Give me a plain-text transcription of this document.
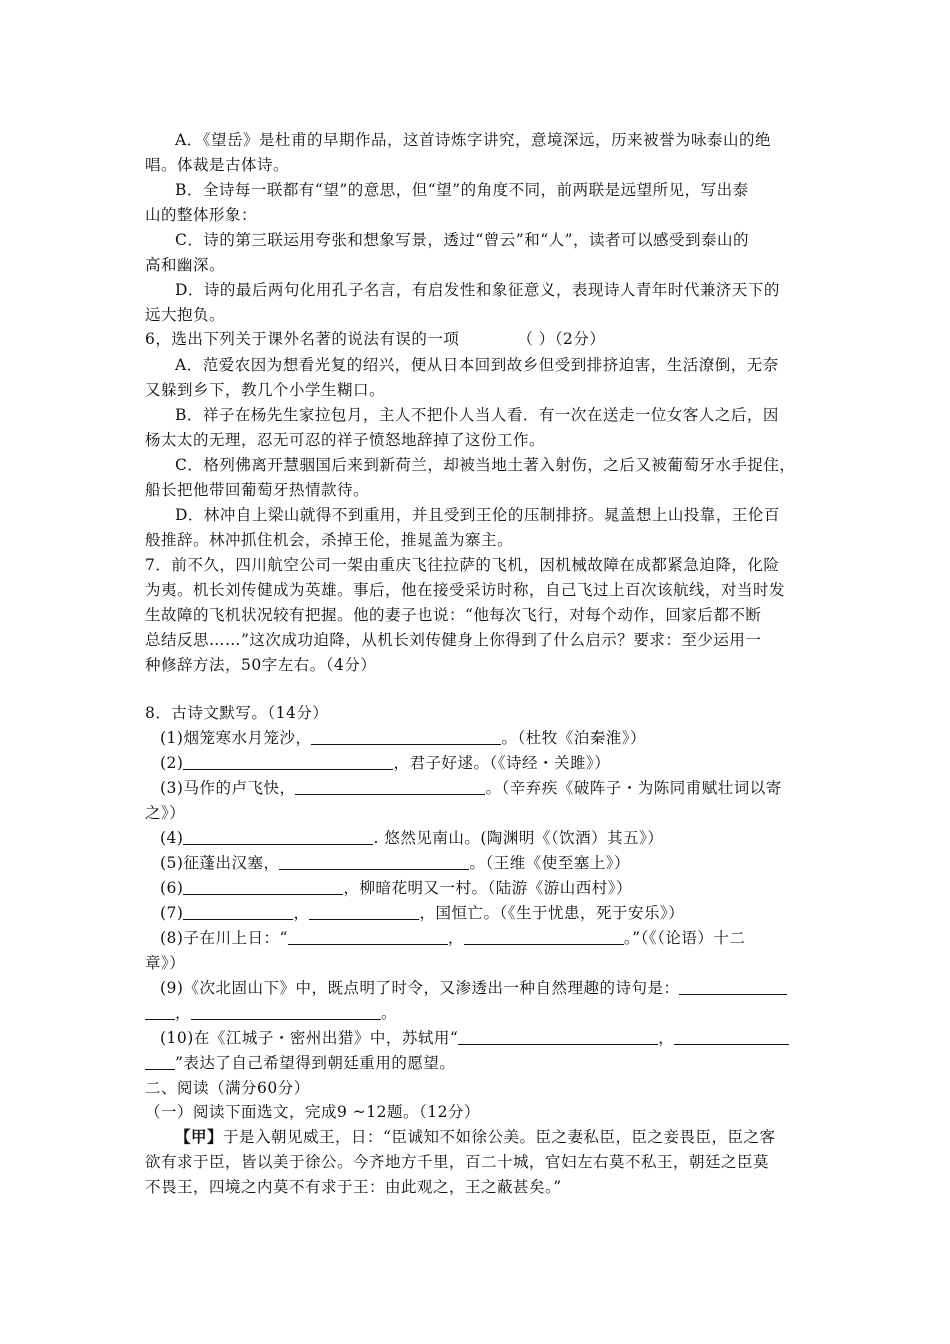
A．《望岳》是杜甫的早期作品，这首诗炼字讲究，意境深远，历来被誉为咏泰山的绝
唱。体裁是古体诗。
B．全诗每一联都有“望”的意思，但“望”的角度不同，前两联是远望所见，写出泰
山的整体形象：
C．诗的第三联运用夸张和想象写景，透过“曾云”和“人”，读者可以感受到泰山的
高和幽深。
D．诗的最后两句化用孔子名言，有启发性和象征意义，表现诗人青年时代兼济天下的
远大抱负。
6，选出下列关于课外名著的说法有误的一项	（ ）（2分）
A．范爱农因为想看光复的绍兴，便从日本回到故乡但受到排挤迫害，生活潦倒，无奈
又躲到乡下，教几个小学生糊口。
B．祥子在杨先生家拉包月，主人不把仆人当人看．有一次在送走一位女客人之后，因
杨太太的无理，忍无可忍的祥子愤怒地辞掉了这份工作。
C．格列佛离开慧骃国后来到新荷兰，却被当地土著入射伤，之后又被葡萄牙水手捉住，
船长把他带回葡萄牙热情款待。
D．林冲自上梁山就得不到重用，并且受到王伦的压制排挤。晁盖想上山投靠，王伦百
般推辞。林冲抓住机会，杀掉王伦，推晁盖为寨主。
7．前不久，四川航空公司一架由重庆飞往拉萨的飞机，因机械故障在成都紧急迫降，化险
为夷。机长刘传健成为英雄。事后，他在接受采访时称，自己飞过上百次该航线，对当时发
生故障的飞机状况较有把握。他的妻子也说：“他每次飞行，对每个动作，回家后都不断
总结反思……”这次成功迫降，从机长刘传健身上你得到了什么启示？要求：至少运用一
种修辞方法，50字左右。（4分）
8．古诗文默写。（14分）
(1)烟笼寒水月笼沙，	。（杜牧《泊秦淮》）
(2)	，君子好逑。（《诗经・关雎》）
(3)马作的卢飞快，	。（辛弃疾《破阵子・为陈同甫赋壮词以寄
之》）
(4)	. 悠然见南山。(陶渊明《（饮酒）其五》）
(5)征蓬出汉塞，	。（王维《使至塞上》）
(6)	，柳暗花明又一村。（陆游《游山西村》）
(7)	，	，国恒亡。（《生于忧患，死于安乐》）
(8)子在川上日：“	，	。”（《（论语）十二
章》）
(9)《次北固山下》中，既点明了时令，又渗透出一种自然理趣的诗句是：
，	。
(10)在《江城子・密州出猎》中，苏轼用“	，
”表达了自己希望得到朝廷重用的愿望。
二、阅读（满分60分）
（一）阅读下面选文，完成9 ~12题。（12分）
【甲】于是入朝见威王，日：“臣诚知不如徐公美。臣之妻私臣，臣之妾畏臣，臣之客
欲有求于臣，皆以美于徐公。今齐地方千里，百二十城，官妇左右莫不私王，朝廷之臣莫
不畏王，四境之内莫不有求于王：由此观之，王之蔽甚矣。”
